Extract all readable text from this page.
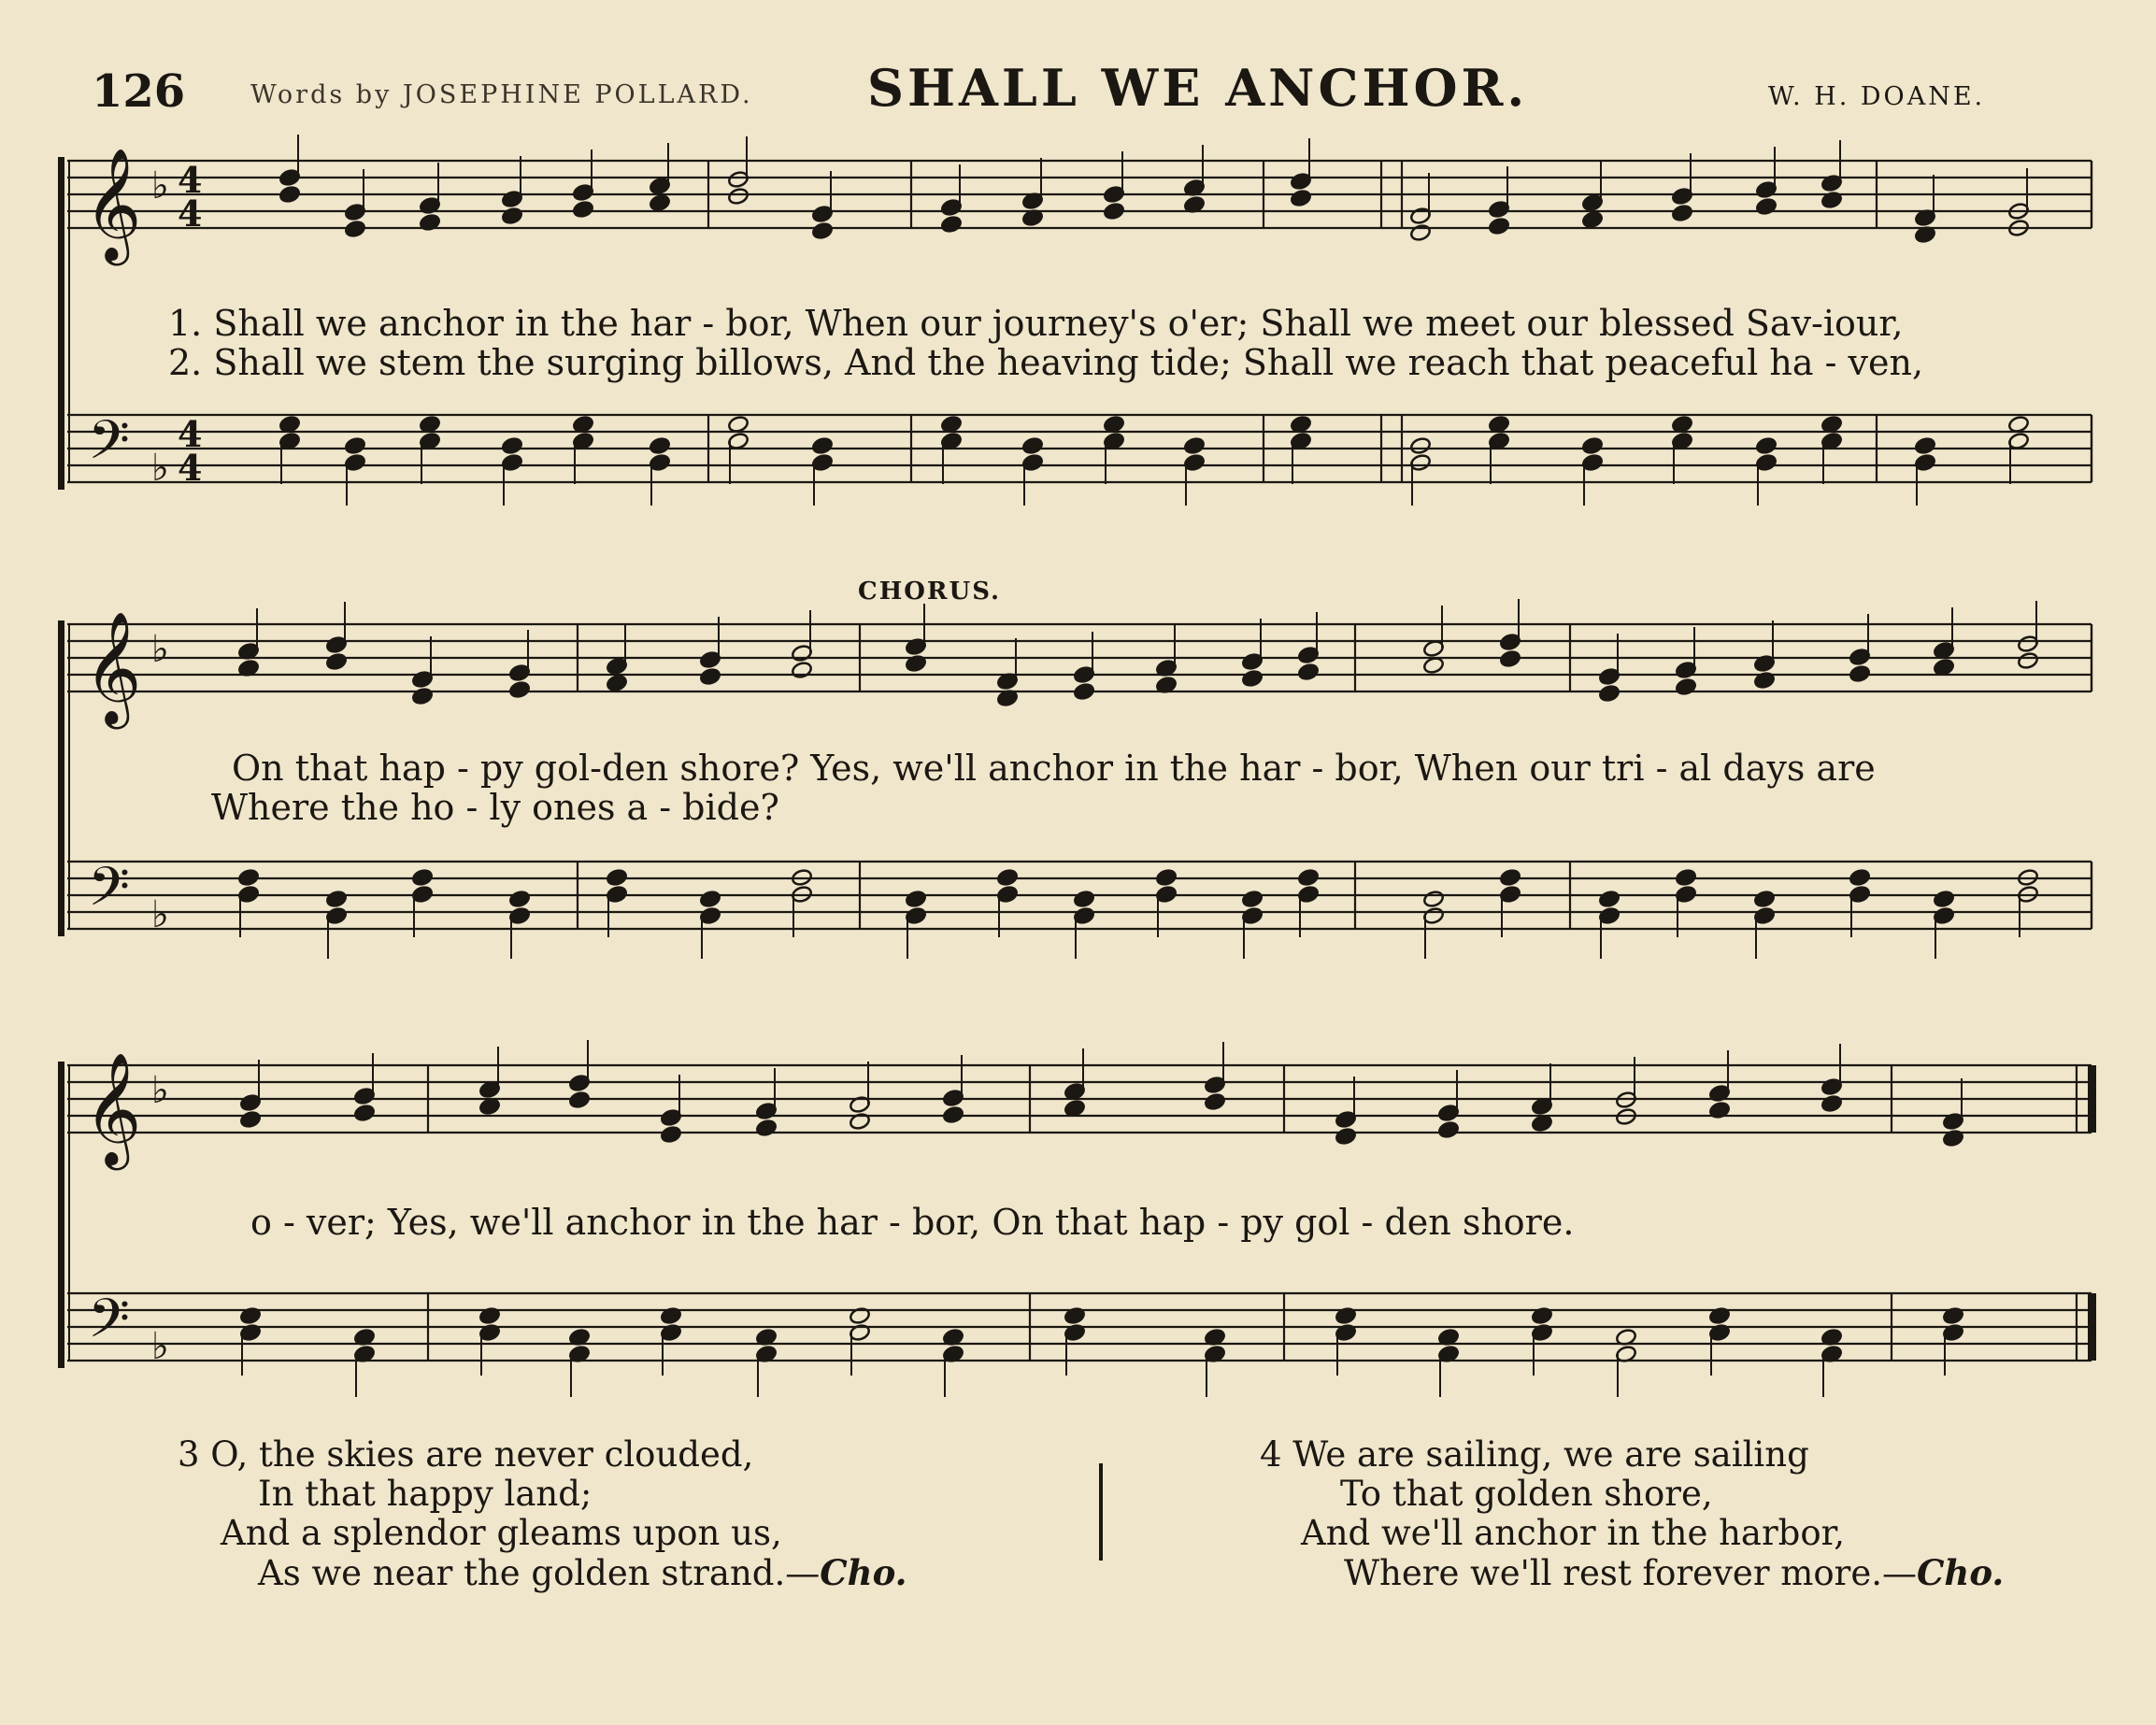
126	Words by JOSEPHINE POLLARD. SHALL WE ANCHOR.	W. H. DOANE.
𝄞
𝄢
♭
♭
4
4
4
4
𝄞
𝄢
♭
♭
𝄞
𝄢
♭
♭
CHORUS.
1. Shall we anchor in the har - bor, When our journey's o'er; Shall we meet our blessed Sav-iour,
2. Shall we stem the surging billows, And the heaving tide; Shall we reach that peaceful ha - ven,
On that hap - py gol-den shore? Yes, we'll anchor in the har - bor, When our tri - al days are
Where the ho - ly ones a - bide?
o - ver; Yes, we'll anchor in the har - bor, On that hap - py gol - den shore.
3 O, the skies are never clouded,
In that happy land;
And a splendor gleams upon us,
As we near the golden strand.—Cho.
4 We are sailing, we are sailing
To that golden shore,
And we'll anchor in the harbor,
Where we'll rest forever more.—Cho.
